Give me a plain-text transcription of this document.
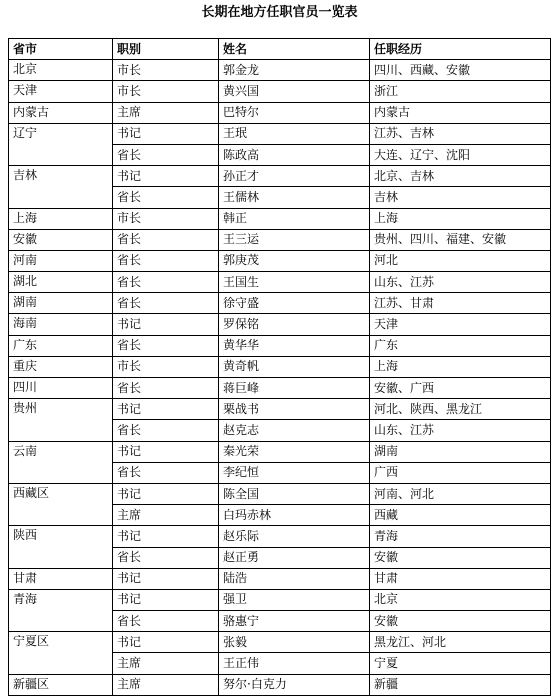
长期在地方任职官员一览表
省市	职别	姓名	任职经历
北京	市长	郭金龙	四川、西藏、安徽
天津	市长	黄兴国	浙江
内蒙古	主席	巴特尔	内蒙古
辽宁	书记	王珉	江苏、吉林
	省长	陈政高	大连、辽宁、沈阳
吉林	书记	孙正才	北京、吉林
	省长	王儒林	吉林
上海	市长	韩正	上海
安徽	省长	王三运	贵州、四川、福建、安徽
河南	省长	郭庚茂	河北
湖北	省长	王国生	山东、江苏
湖南	省长	徐守盛	江苏、甘肃
海南	书记	罗保铭	天津
广东	省长	黄华华	广东
重庆	市长	黄奇帆	上海
四川	省长	蒋巨峰	安徽、广西
贵州	书记	栗战书	河北、陕西、黑龙江
	省长	赵克志	山东、江苏
云南	书记	秦光荣	湖南
	省长	李纪恒	广西
西藏区	书记	陈全国	河南、河北
	主席	白玛赤林	西藏
陕西	书记	赵乐际	青海
	省长	赵正勇	安徽
甘肃	书记	陆浩	甘肃
青海	书记	强卫	北京
	省长	骆惠宁	安徽
宁夏区	书记	张毅	黑龙江、河北
	主席	王正伟	宁夏
新疆区	主席	努尔·白克力	新疆
